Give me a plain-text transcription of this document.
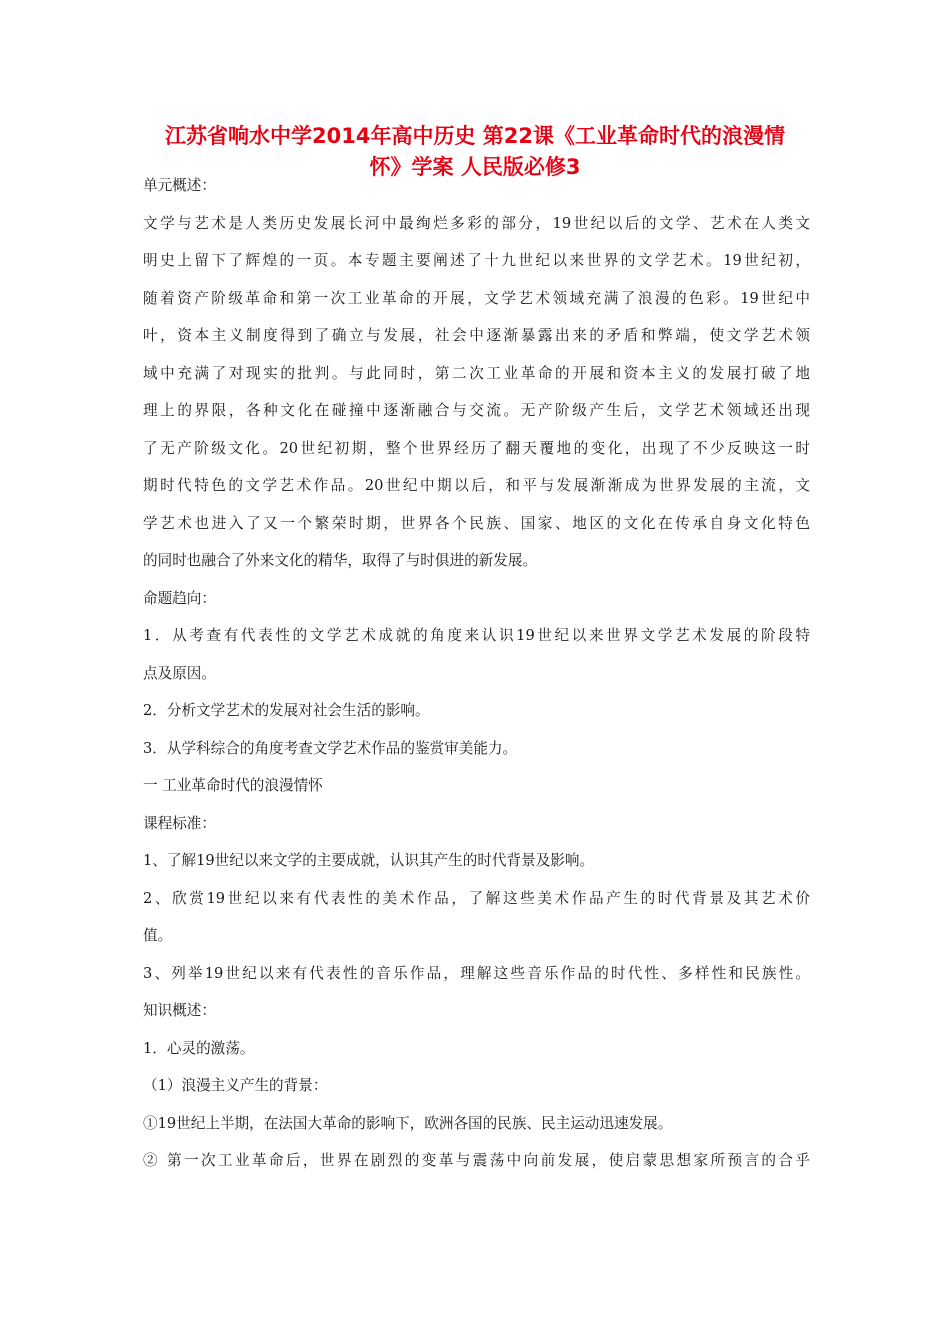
江苏省响水中学2014年高中历史 第22课《工业革命时代的浪漫情
怀》学案 人民版必修3
单元概述：
文学与艺术是人类历史发展长河中最绚烂多彩的部分，19世纪以后的文学、艺术在人类文
明史上留下了辉煌的一页。本专题主要阐述了十九世纪以来世界的文学艺术。19世纪初，
随着资产阶级革命和第一次工业革命的开展，文学艺术领域充满了浪漫的色彩。19世纪中
叶，资本主义制度得到了确立与发展，社会中逐渐暴露出来的矛盾和弊端，使文学艺术领
域中充满了对现实的批判。与此同时，第二次工业革命的开展和资本主义的发展打破了地
理上的界限，各种文化在碰撞中逐渐融合与交流。无产阶级产生后，文学艺术领域还出现
了无产阶级文化。20世纪初期，整个世界经历了翻天覆地的变化，出现了不少反映这一时
期时代特色的文学艺术作品。20世纪中期以后，和平与发展渐渐成为世界发展的主流，文
学艺术也进入了又一个繁荣时期，世界各个民族、国家、地区的文化在传承自身文化特色
的同时也融合了外来文化的精华，取得了与时俱进的新发展。
命题趋向：
1．从考查有代表性的文学艺术成就的角度来认识19世纪以来世界文学艺术发展的阶段特
点及原因。
2．分析文学艺术的发展对社会生活的影响。
3．从学科综合的角度考查文学艺术作品的鉴赏审美能力。
一 工业革命时代的浪漫情怀
课程标准：
1、了解19世纪以来文学的主要成就，认识其产生的时代背景及影响。
2、欣赏19世纪以来有代表性的美术作品，了解这些美术作品产生的时代背景及其艺术价
值。
3、列举19世纪以来有代表性的音乐作品，理解这些音乐作品的时代性、多样性和民族性。
知识概述：
1．心灵的激荡。
（1）浪漫主义产生的背景：
①19世纪上半期，在法国大革命的影响下，欧洲各国的民族、民主运动迅速发展。
② 第一次工业革命后，世界在剧烈的变革与震荡中向前发展，使启蒙思想家所预言的合乎
